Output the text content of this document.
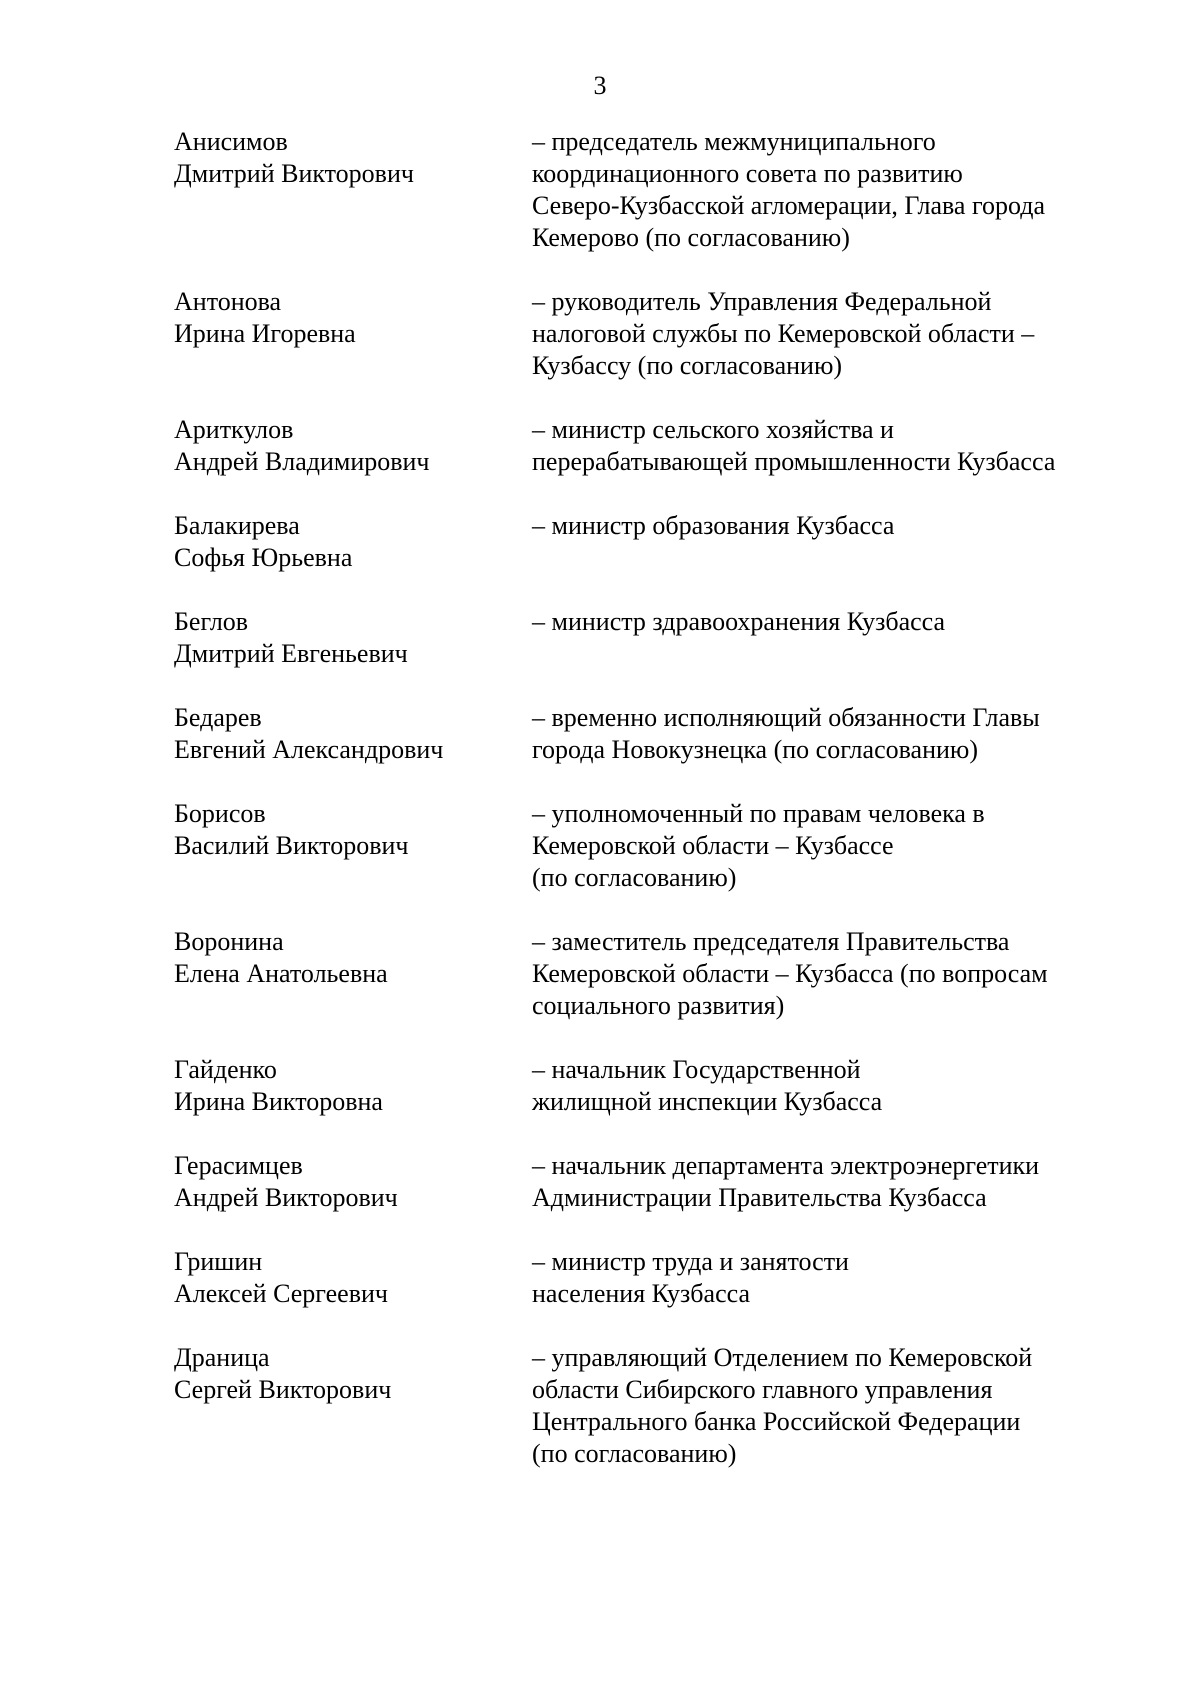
3
Анисимов
Дмитрий Викторович
– председатель межмуниципального
координационного совета по развитию
Северо-Кузбасской агломерации, Глава города
Кемерово (по согласованию)
Антонова
Ирина Игоревна
– руководитель Управления Федеральной
налоговой службы по Кемеровской области –
Кузбассу (по согласованию)
Ариткулов
Андрей Владимирович
– министр сельского хозяйства и
перерабатывающей промышленности Кузбасса
Балакирева
Софья Юрьевна
– министр образования Кузбасса
Беглов
Дмитрий Евгеньевич
– министр здравоохранения Кузбасса
Бедарев
Евгений Александрович
– временно исполняющий обязанности Главы
города Новокузнецка (по согласованию)
Борисов
Василий Викторович
– уполномоченный по правам человека в
Кемеровской области – Кузбассе
(по согласованию)
Воронина
Елена Анатольевна
– заместитель председателя Правительства
Кемеровской области – Кузбасса (по вопросам
социального развития)
Гайденко
Ирина Викторовна
– начальник Государственной
жилищной инспекции Кузбасса
Герасимцев
Андрей Викторович
– начальник департамента электроэнергетики
Администрации Правительства Кузбасса
Гришин
Алексей Сергеевич
– министр труда и занятости
населения Кузбасса
Драница
Сергей Викторович
– управляющий Отделением по Кемеровской
области Сибирского главного управления
Центрального банка Российской Федерации
(по согласованию)
